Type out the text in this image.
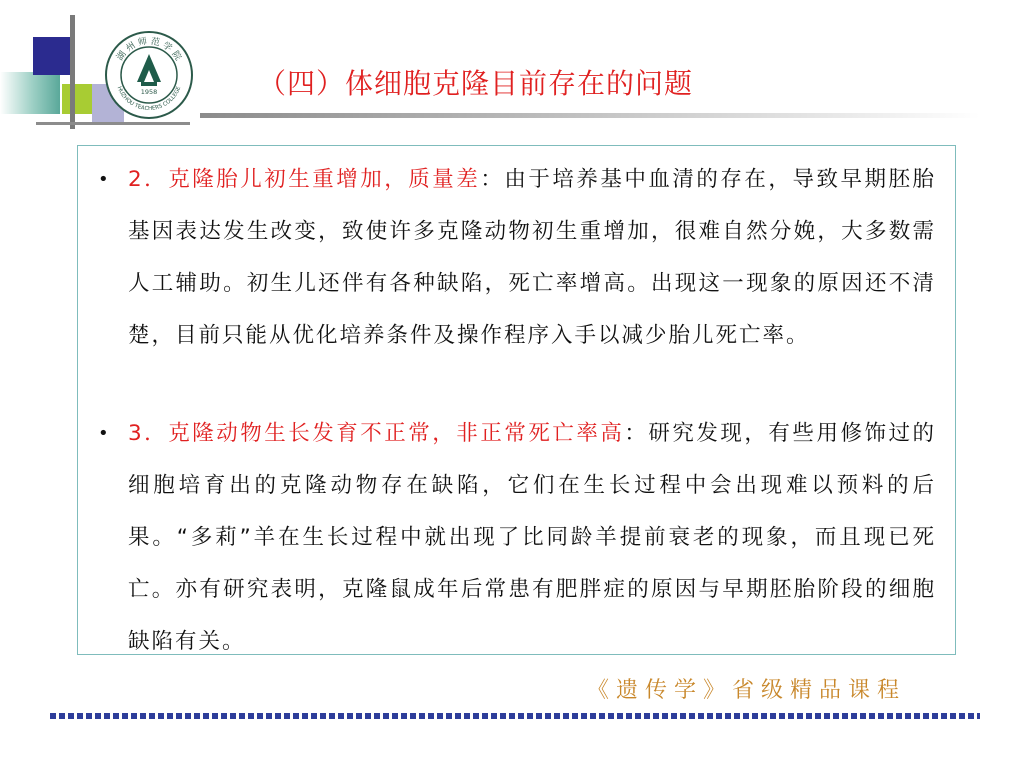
湖 州 师 范 学 院
HUZHOU TEACHERS COLLEGE
1958	（四）体细胞克隆目前存在的问题
• 2．克隆胎儿初生重增加，质量差：由于培养基中血清的存在，导致早期胚胎基因表达发生改变，致使许多克隆动物初生重增加，很难自然分娩，大多数需人工辅助。初生儿还伴有各种缺陷，死亡率增高。出现这一现象的原因还不清楚，目前只能从优化培养条件及操作程序入手以减少胎儿死亡率。
• 3．克隆动物生长发育不正常，非正常死亡率高：研究发现，有些用修饰过的细胞培育出的克隆动物存在缺陷，它们在生长过程中会出现难以预料的后果。“多莉”羊在生长过程中就出现了比同龄羊提前衰老的现象，而且现已死亡。亦有研究表明，克隆鼠成年后常患有肥胖症的原因与早期胚胎阶段的细胞缺陷有关。
《遗传学》省级精品课程
